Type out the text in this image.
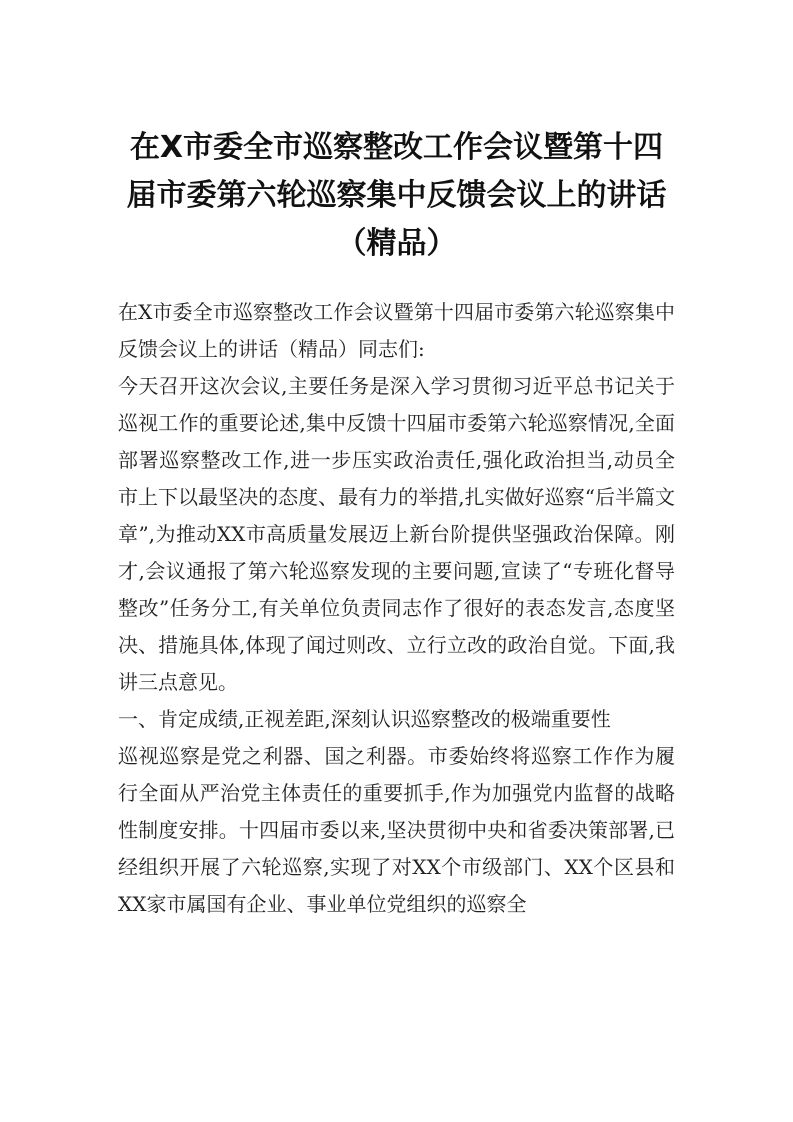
在X市委全市巡察整改工作会议暨第十四届市委第六轮巡察集中反馈会议上的讲话（精品）

在X市委全市巡察整改工作会议暨第十四届市委第六轮巡察集中反馈会议上的讲话（精品）同志们:

今天召开这次会议,主要任务是深入学习贯彻习近平总书记关于巡视工作的重要论述,集中反馈十四届市委第六轮巡察情况,全面部署巡察整改工作,进一步压实政治责任,强化政治担当,动员全市上下以最坚决的态度、最有力的举措,扎实做好巡察“后半篇文章”,为推动XX市高质量发展迈上新台阶提供坚强政治保障。刚才,会议通报了第六轮巡察发现的主要问题,宣读了“专班化督导整改”任务分工,有关单位负责同志作了很好的表态发言,态度坚决、措施具体,体现了闻过则改、立行立改的政治自觉。下面,我讲三点意见。

一、肯定成绩,正视差距,深刻认识巡察整改的极端重要性

巡视巡察是党之利器、国之利器。市委始终将巡察工作作为履行全面从严治党主体责任的重要抓手,作为加强党内监督的战略性制度安排。十四届市委以来,坚决贯彻中央和省委决策部署,已经组织开展了六轮巡察,实现了对XX个市级部门、XX个区县和XX家市属国有企业、事业单位党组织的巡察全
